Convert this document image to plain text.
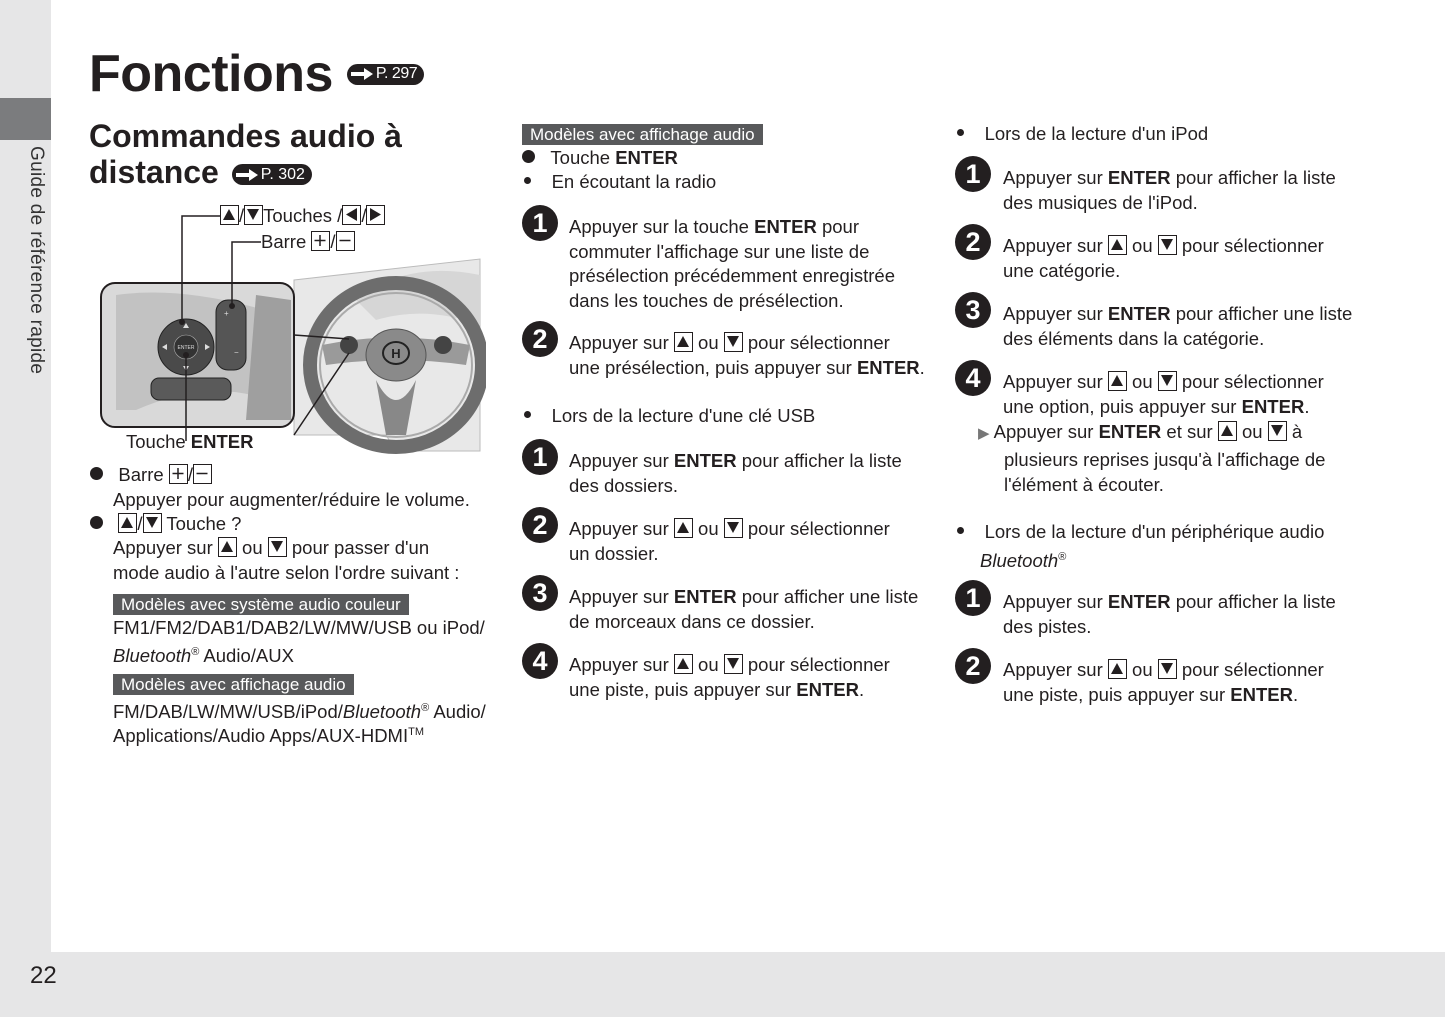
Guide de référence rapide
22
Fonctions	P. 297
Commandes audio à
distance	P. 302
/ Touches / /
Barre /
H
ENTER
+
−
Touche ENTER
Barre /
Appuyer pour augmenter/réduire le volume.

/ Touche ?
Appuyer sur ou pour passer d'un
mode audio à l'autre selon l'ordre suivant :
Modèles avec système audio couleur
FM1/FM2/DAB1/DAB2/LW/MW/USB ou iPod/
Bluetooth® Audio/AUX
Modèles avec affichage audio
FM/DAB/LW/MW/USB/iPod/Bluetooth® Audio/
Applications/Audio Apps/AUX-HDMI™
Modèles avec affichage audio
Touche ENTER
En écoutant la radio
1	Appuyer sur la touche ENTER pour
commuter l'affichage sur une liste de
présélection précédemment enregistrée
dans les touches de présélection.
2	Appuyer sur ou pour sélectionner
une présélection, puis appuyer sur ENTER.
Lors de la lecture d'une clé USB
1	Appuyer sur ENTER pour afficher la liste
des dossiers.
2	Appuyer sur ou pour sélectionner
un dossier.
3	Appuyer sur ENTER pour afficher une liste
de morceaux dans ce dossier.
4	Appuyer sur ou pour sélectionner
une piste, puis appuyer sur ENTER.
Lors de la lecture d'un iPod
1	Appuyer sur ENTER pour afficher la liste
des musiques de l'iPod.
2	Appuyer sur ou pour sélectionner
une catégorie.
3	Appuyer sur ENTER pour afficher une liste
des éléments dans la catégorie.
4	Appuyer sur ou pour sélectionner
une option, puis appuyer sur ENTER.
▶ Appuyer sur ENTER et sur ou à
plusieurs reprises jusqu'à l'affichage de
l'élément à écouter.
Lors de la lecture d'un périphérique audio
Bluetooth®
1	Appuyer sur ENTER pour afficher la liste
des pistes.
2	Appuyer sur ou pour sélectionner
une piste, puis appuyer sur ENTER.
